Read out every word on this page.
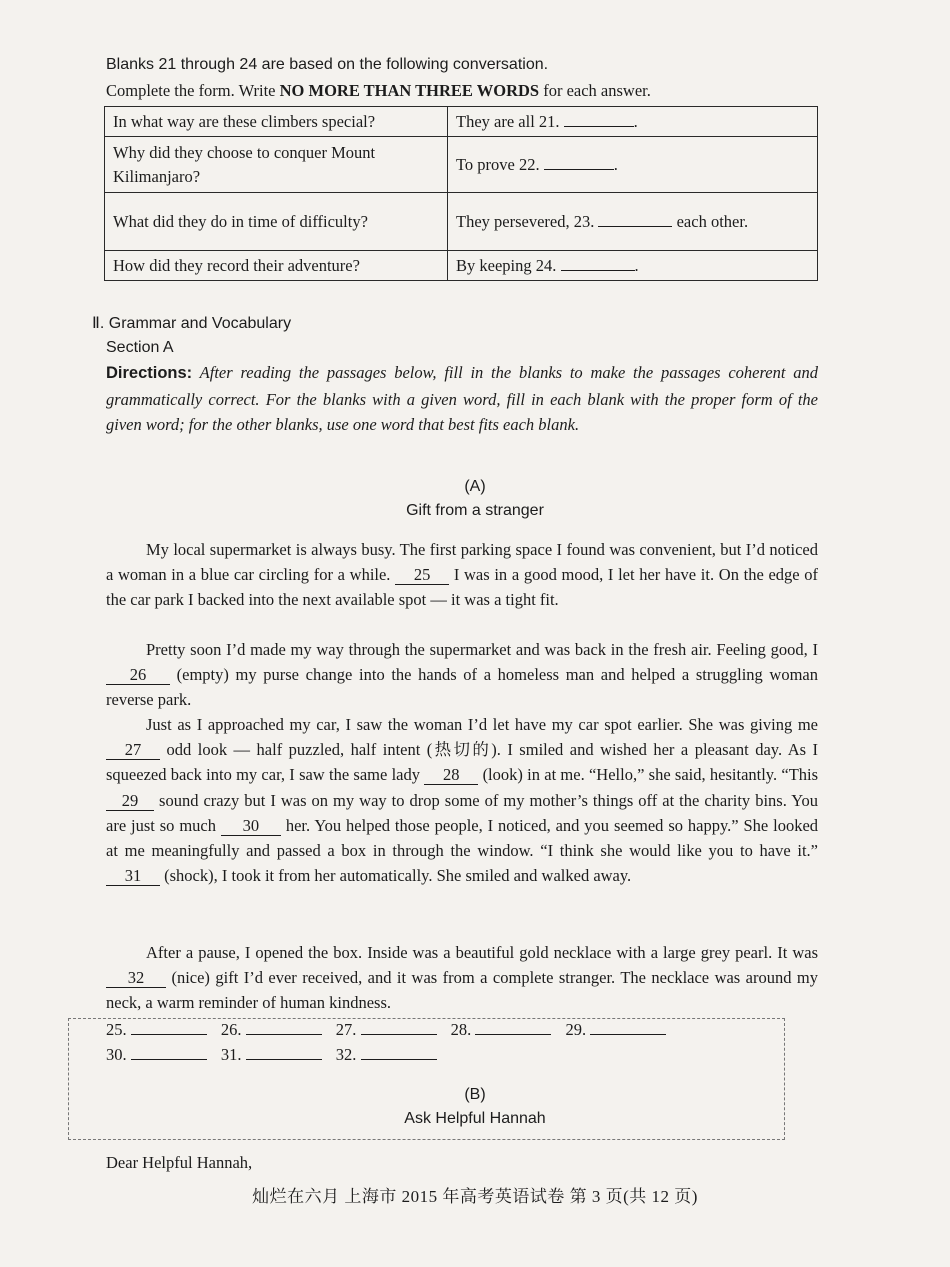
Blanks 21 through 24 are based on the following conversation.
Complete the form. Write NO MORE THAN THREE WORDS for each answer.
In what way are these climbers special?	They are all 21. .
Why did they choose to conquer Mount Kilimanjaro?	To prove 22. .
What did they do in time of difficulty?	They persevered, 23. each other.
How did they record their adventure?	By keeping 24. .
Ⅱ. Grammar and Vocabulary
Section A
Directions: After reading the passages below, fill in the blanks to make the passages coherent and grammatically correct. For the blanks with a given word, fill in each blank with the proper form of the given word; for the other blanks, use one word that best fits each blank.
(A)
Gift from a stranger
My local supermarket is always busy. The first parking space I found was convenient, but I’d noticed a woman in a blue car circling for a while. 25 I was in a good mood, I let her have it. On the edge of the car park I backed into the next available spot — it was a tight fit.
Pretty soon I’d made my way through the supermarket and was back in the fresh air. Feeling good, I 26 (empty) my purse change into the hands of a homeless man and helped a struggling woman reverse park.
Just as I approached my car, I saw the woman I’d let have my car spot earlier. She was giving me 27 odd look — half puzzled, half intent (热切的). I smiled and wished her a pleasant day. As I squeezed back into my car, I saw the same lady 28 (look) in at me. “Hello,” she said, hesitantly. “This 29 sound crazy but I was on my way to drop some of my mother’s things off at the charity bins. You are just so much 30 her. You helped those people, I noticed, and you seemed so happy.” She looked at me meaningfully and passed a box in through the window. “I think she would like you to have it.” 31 (shock), I took it from her automatically. She smiled and walked away.
After a pause, I opened the box. Inside was a beautiful gold necklace with a large grey pearl. It was 32 (nice) gift I’d ever received, and it was from a complete stranger. The necklace was around my neck, a warm reminder of human kindness.
25.	26.	27.	28.	29.
30.	31.	32.
(B)
Ask Helpful Hannah
Dear Helpful Hannah,
灿烂在六月 上海市 2015 年高考英语试卷 第 3 页(共 12 页)
